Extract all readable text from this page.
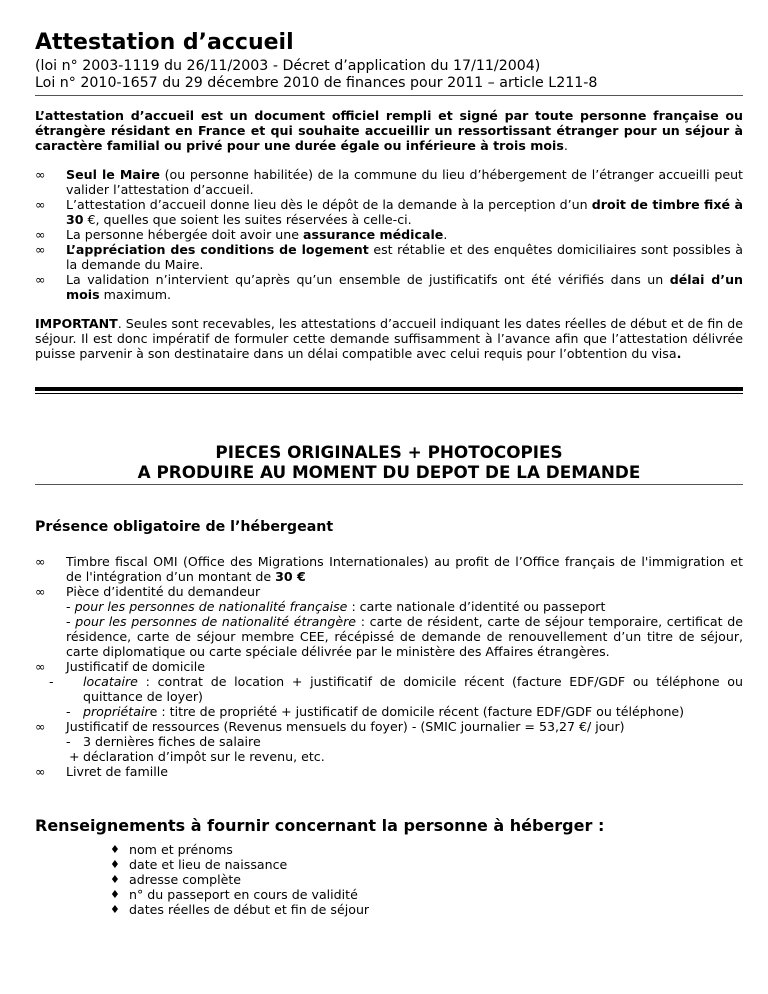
Attestation d’accueil

(loi n° 2003-1119 du 26/11/2003 - Décret d’application du 17/11/2004)

Loi n° 2010-1657 du 29 décembre 2010 de finances pour 2011 – article L211-8

L’attestation d’accueil est un document officiel rempli et signé par toute personne française ou étrangère résidant en France et qui souhaite accueillir un ressortissant étranger pour un séjour à caractère familial ou privé pour une durée égale ou inférieure à trois mois.

∞ Seul le Maire (ou personne habilitée) de la commune du lieu d’hébergement de l’étranger accueilli peut valider l’attestation d’accueil.
∞ L’attestation d’accueil donne lieu dès le dépôt de la demande à la perception d’un droit de timbre fixé à 30 €, quelles que soient les suites réservées à celle-ci.
∞ La personne hébergée doit avoir une assurance médicale.
∞ L’appréciation des conditions de logement est rétablie et des enquêtes domiciliaires sont possibles à la demande du Maire.
∞ La validation n’intervient qu’après qu’un ensemble de justificatifs ont été vérifiés dans un délai d’un mois maximum.

IMPORTANT. Seules sont recevables, les attestations d’accueil indiquant les dates réelles de début et de fin de séjour. Il est donc impératif de formuler cette demande suffisamment à l’avance afin que l’attestation délivrée puisse parvenir à son destinataire dans un délai compatible avec celui requis pour l’obtention du visa.

PIECES ORIGINALES + PHOTOCOPIES
A PRODUIRE AU MOMENT DU DEPOT DE LA DEMANDE
Présence obligatoire de l’hébergeant
∞ Timbre fiscal OMI (Office des Migrations Internationales) au profit de l’Office français de l'immigration et de l'intégration d’un montant de 30 €
∞ Pièce d’identité du demandeur
- pour les personnes de nationalité française : carte nationale d’identité ou passeport
- pour les personnes de nationalité étrangère : carte de résident, carte de séjour temporaire, certificat de résidence, carte de séjour membre CEE, récépissé de demande de renouvellement d’un titre de séjour, carte diplomatique ou carte spéciale délivrée par le ministère des Affaires étrangères.
∞ Justificatif de domicile
- locataire : contrat de location + justificatif de domicile récent (facture EDF/GDF ou téléphone ou quittance de loyer)
- propriétaire : titre de propriété + justificatif de domicile récent (facture EDF/GDF ou téléphone)
∞ Justificatif de ressources (Revenus mensuels du foyer) - (SMIC journalier = 53,27 €/ jour)
- 3 dernières fiches de salaire
+ déclaration d’impôt sur le revenu, etc.
∞ Livret de famille
Renseignements à fournir concernant la personne à héberger :
♦ nom et prénoms
♦ date et lieu de naissance
♦ adresse complète
♦ n° du passeport en cours de validité
♦ dates réelles de début et fin de séjour
